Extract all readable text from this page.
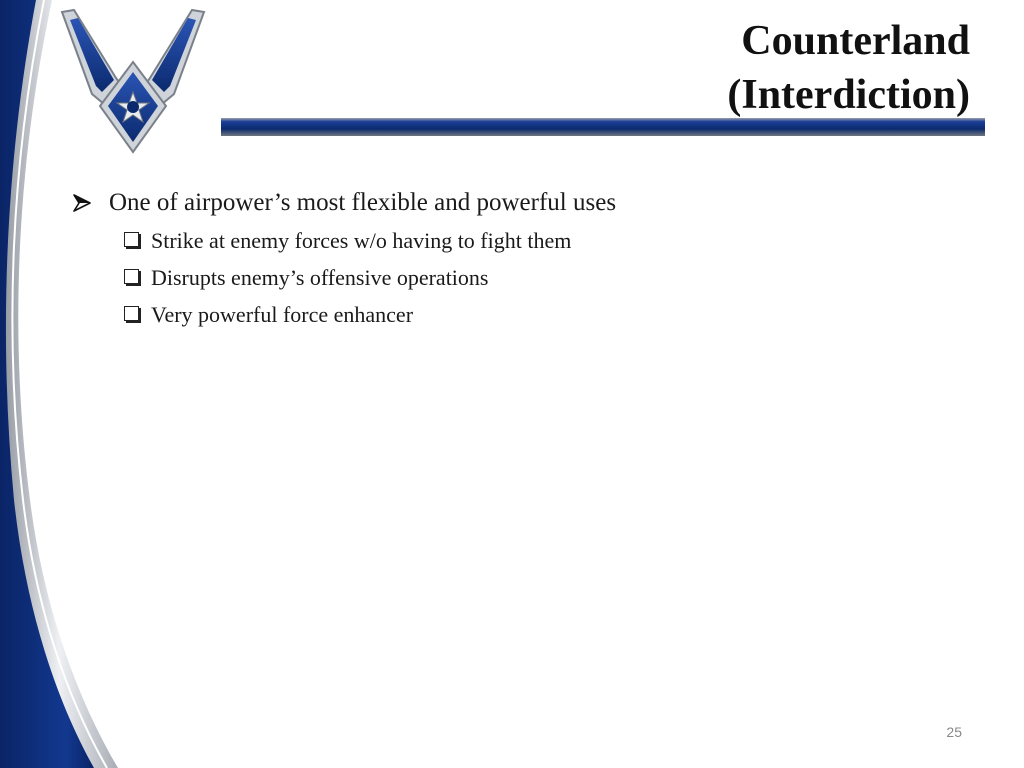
Counterland
(Interdiction)
One of airpower’s most flexible and powerful uses
Strike at enemy forces w/o having to fight them
Disrupts enemy’s offensive operations
Very powerful force enhancer
25
